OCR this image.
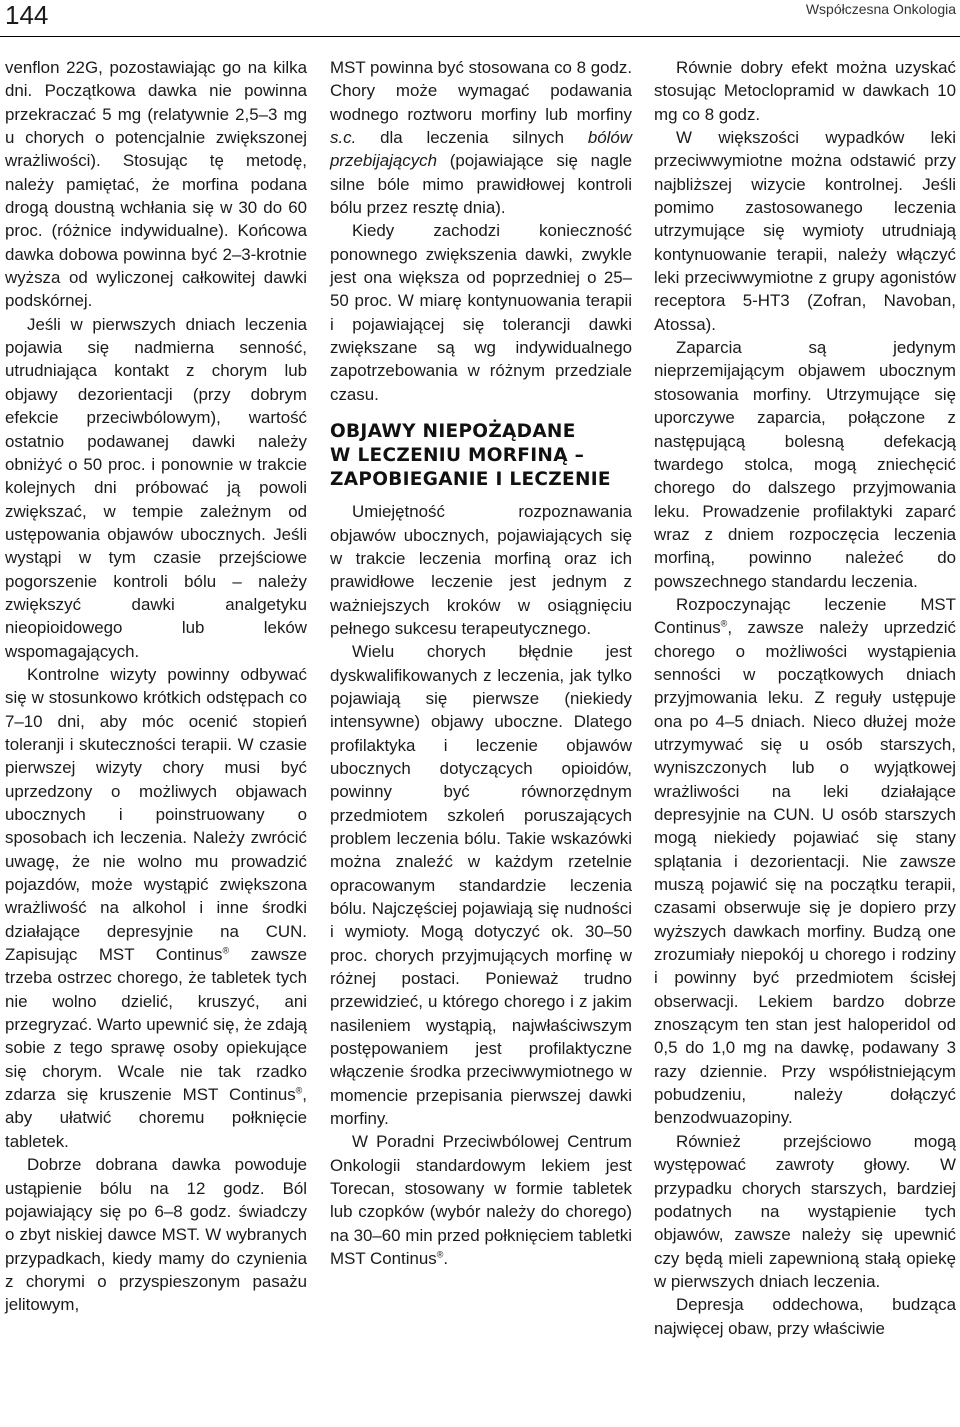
144	Współczesna Onkologia

venflon 22G, pozostawiając go na kilka dni. Początkowa dawka nie powinna przekraczać 5 mg (relatywnie 2,5–3 mg u chorych o potencjalnie zwiększonej wrażliwości). Stosując tę metodę, należy pamiętać, że morfina podana drogą doustną wchłania się w 30 do 60 proc. (różnice indywidualne). Końcowa dawka dobowa powinna być 2–3-krotnie wyższa od wyliczonej całkowitej dawki podskórnej.

Jeśli w pierwszych dniach leczenia pojawia się nadmierna senność, utrudniająca kontakt z chorym lub objawy dezorientacji (przy dobrym efekcie przeciwbólowym), wartość ostatnio podawanej dawki należy obniżyć o 50 proc. i ponownie w trakcie kolejnych dni próbować ją powoli zwiększać, w tempie zależnym od ustępowania objawów ubocznych. Jeśli wystąpi w tym czasie przejściowe pogorszenie kontroli bólu – należy zwiększyć dawki analgetyku nieopioidowego lub leków wspomagających.

Kontrolne wizyty powinny odbywać się w stosunkowo krótkich odstępach co 7–10 dni, aby móc ocenić stopień toleranji i skuteczności terapii. W czasie pierwszej wizyty chory musi być uprzedzony o możliwych objawach ubocznych i poinstruowany o sposobach ich leczenia. Należy zwrócić uwagę, że nie wolno mu prowadzić pojazdów, może wystąpić zwiększona wrażliwość na alkohol i inne środki działające depresyjnie na CUN. Zapisując MST Continus® zawsze trzeba ostrzec chorego, że tabletek tych nie wolno dzielić, kruszyć, ani przegryzać. Warto upewnić się, że zdają sobie z tego sprawę osoby opiekujące się chorym. Wcale nie tak rzadko zdarza się kruszenie MST Continus®, aby ułatwić choremu połknięcie tabletek.

Dobrze dobrana dawka powoduje ustąpienie bólu na 12 godz. Ból pojawiający się po 6–8 godz. świadczy o zbyt niskiej dawce MST. W wybranych przypadkach, kiedy mamy do czynienia z chorymi o przyspieszonym pasażu jelitowym,

MST powinna być stosowana co 8 godz. Chory może wymagać podawania wodnego roztworu morfiny lub morfiny s.c. dla leczenia silnych bólów przebijających (pojawiające się nagle silne bóle mimo prawidłowej kontroli bólu przez resztę dnia).

Kiedy zachodzi konieczność ponownego zwiększenia dawki, zwykle jest ona większa od poprzedniej o 25–50 proc. W miarę kontynuowania terapii i pojawiającej się tolerancji dawki zwiększane są wg indywidualnego zapotrzebowania w różnym przedziale czasu.

OBJAWY NIEPOŻĄDANE
W LECZENIU MORFINĄ –
ZAPOBIEGANIE I LECZENIE

Umiejętność rozpoznawania objawów ubocznych, pojawiających się w trakcie leczenia morfiną oraz ich prawidłowe leczenie jest jednym z ważniejszych kroków w osiągnięciu pełnego sukcesu terapeutycznego.

Wielu chorych błędnie jest dyskwalifikowanych z leczenia, jak tylko pojawiają się pierwsze (niekiedy intensywne) objawy uboczne. Dlatego profilaktyka i leczenie objawów ubocznych dotyczących opioidów, powinny być równorzędnym przedmiotem szkoleń poruszających problem leczenia bólu. Takie wskazówki można znaleźć w każdym rzetelnie opracowanym standardzie leczenia bólu. Najczęściej pojawiają się nudności i wymioty. Mogą dotyczyć ok. 30–50 proc. chorych przyjmujących morfinę w różnej postaci. Ponieważ trudno przewidzieć, u którego chorego i z jakim nasileniem wystąpią, najwłaściwszym postępowaniem jest profilaktyczne włączenie środka przeciwwymiotnego w momencie przepisania pierwszej dawki morfiny.

W Poradni Przeciwbólowej Centrum Onkologii standardowym lekiem jest Torecan, stosowany w formie tabletek lub czopków (wybór należy do chorego) na 30–60 min przed połknięciem tabletki MST Continus®.

Równie dobry efekt można uzyskać stosując Metoclopramid w dawkach 10 mg co 8 godz.

W większości wypadków leki przeciwwymiotne można odstawić przy najbliższej wizycie kontrolnej. Jeśli pomimo zastosowanego leczenia utrzymujące się wymioty utrudniają kontynuowanie terapii, należy włączyć leki przeciwwymiotne z grupy agonistów receptora 5-HT3 (Zofran, Navoban, Atossa).

Zaparcia są jedynym nieprzemijającym objawem ubocznym stosowania morfiny. Utrzymujące się uporczywe zaparcia, połączone z następującą bolesną defekacją twardego stolca, mogą zniechęcić chorego do dalszego przyjmowania leku. Prowadzenie profilaktyki zaparć wraz z dniem rozpoczęcia leczenia morfiną, powinno należeć do powszechnego standardu leczenia.

Rozpoczynając leczenie MST Continus®, zawsze należy uprzedzić chorego o możliwości wystąpienia senności w początkowych dniach przyjmowania leku. Z reguły ustępuje ona po 4–5 dniach. Nieco dłużej może utrzymywać się u osób starszych, wyniszczonych lub o wyjątkowej wrażliwości na leki działające depresyjnie na CUN. U osób starszych mogą niekiedy pojawiać się stany splątania i dezorientacji. Nie zawsze muszą pojawić się na początku terapii, czasami obserwuje się je dopiero przy wyższych dawkach morfiny. Budzą one zrozumiały niepokój u chorego i rodziny i powinny być przedmiotem ścisłej obserwacji. Lekiem bardzo dobrze znoszącym ten stan jest haloperidol od 0,5 do 1,0 mg na dawkę, podawany 3 razy dziennie. Przy współistniejącym pobudzeniu, należy dołączyć benzodwuazopiny.

Również przejściowo mogą występować zawroty głowy. W przypadku chorych starszych, bardziej podatnych na wystąpienie tych objawów, zawsze należy się upewnić czy będą mieli zapewnioną stałą opiekę w pierwszych dniach leczenia.

Depresja oddechowa, budząca najwięcej obaw, przy właściwie
